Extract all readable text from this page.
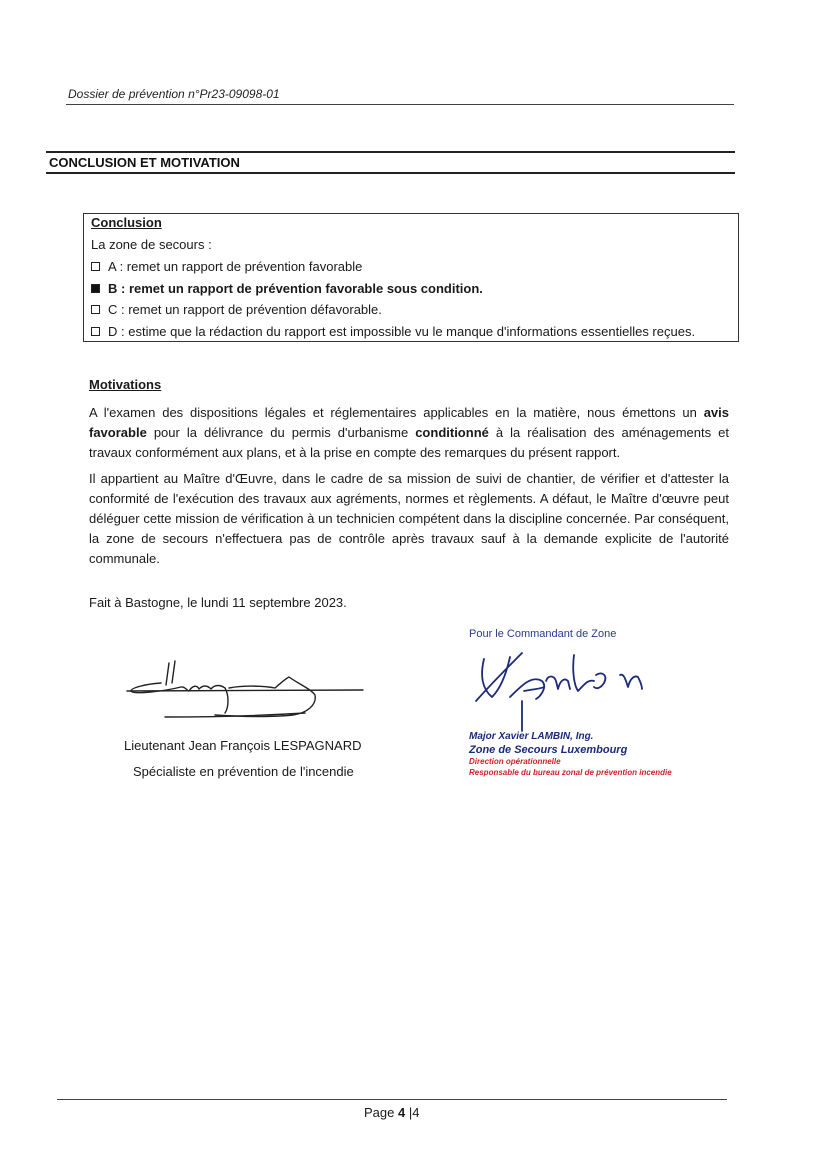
Dossier de prévention n°Pr23-09098-01
CONCLUSION ET MOTIVATION
Conclusion
La zone de secours :
A : remet un rapport de prévention favorable
B : remet un rapport de prévention favorable sous condition.
C : remet un rapport de prévention défavorable.
D : estime que la rédaction du rapport est impossible vu le manque d'informations essentielles reçues.
Motivations
A l'examen des dispositions légales et réglementaires applicables en la matière, nous émettons un avis favorable pour la délivrance du permis d'urbanisme conditionné à la réalisation des aménagements et travaux conformément aux plans, et à la prise en compte des remarques du présent rapport.
Il appartient au Maître d'Œuvre, dans le cadre de sa mission de suivi de chantier, de vérifier et d'attester la conformité de l'exécution des travaux aux agréments, normes et règlements. A défaut, le Maître d'œuvre peut déléguer cette mission de vérification à un technicien compétent dans la discipline concernée. Par conséquent, la zone de secours n'effectuera pas de contrôle après travaux sauf à la demande explicite de l'autorité communale.
Fait à Bastogne, le lundi 11 septembre 2023.
Lieutenant Jean François LESPAGNARD
Spécialiste en prévention de l'incendie
Pour le Commandant de Zone
Major Xavier LAMBIN, Ing.
Zone de Secours Luxembourg
Direction opérationnelle
Responsable du bureau zonal de prévention incendie
Page 4 |4
